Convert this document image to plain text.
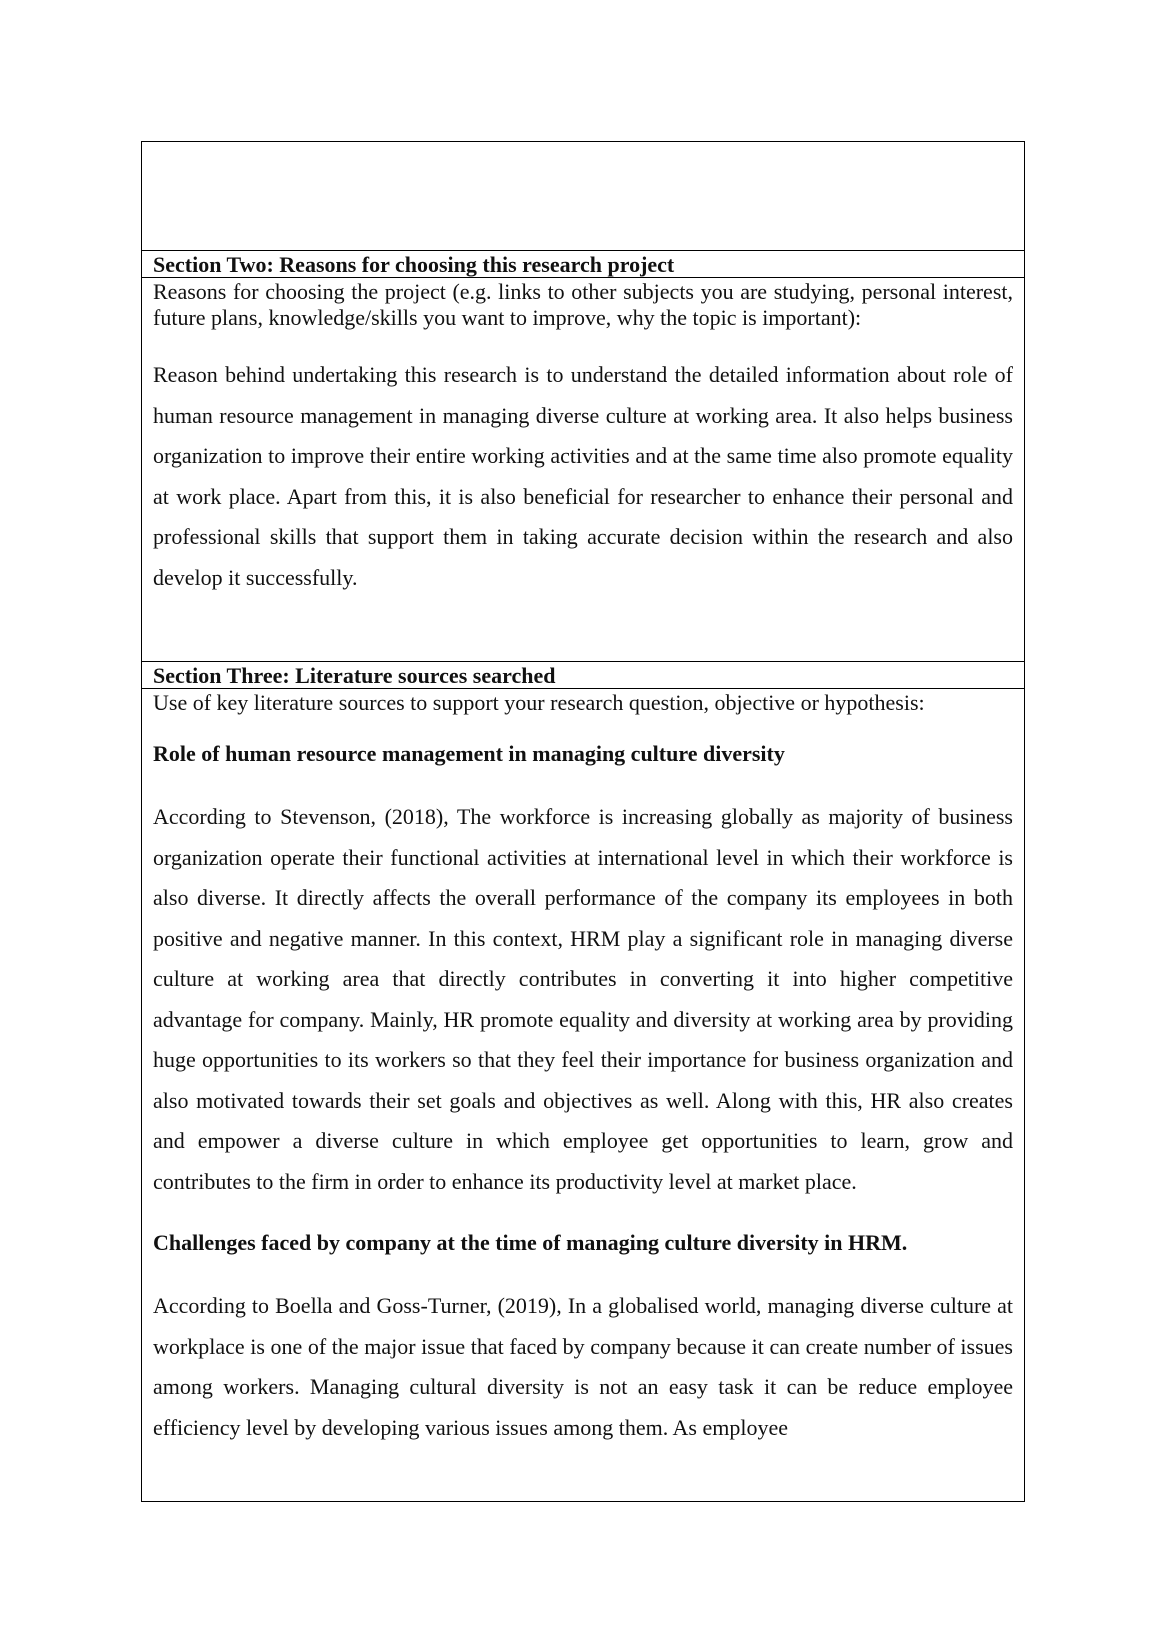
Section Two: Reasons for choosing this research project

Reasons for choosing the project (e.g. links to other subjects you are studying, personal interest, future plans, knowledge/skills you want to improve, why the topic is important):

Reason behind undertaking this research is to understand the detailed information about role of human resource management in managing diverse culture at working area. It also helps business organization to improve their entire working activities and at the same time also promote equality at work place. Apart from this, it is also beneficial for researcher to enhance their personal and professional skills that support them in taking accurate decision within the research and also develop it successfully.

Section Three: Literature sources searched

Use of key literature sources to support your research question, objective or hypothesis:

Role of human resource management in managing culture diversity

According to Stevenson, (2018), The workforce is increasing globally as majority of business organization operate their functional activities at international level in which their workforce is also diverse. It directly affects the overall performance of the company its employees in both positive and negative manner. In this context, HRM play a significant role in managing diverse culture at working area that directly contributes in converting it into higher competitive advantage for company. Mainly, HR promote equality and diversity at working area by providing huge opportunities to its workers so that they feel their importance for business organization and also motivated towards their set goals and objectives as well. Along with this, HR also creates and empower a diverse culture in which employee get opportunities to learn, grow and contributes to the firm in order to enhance its productivity level at market place.

Challenges faced by company at the time of managing culture diversity in HRM.

According to Boella and Goss-Turner, (2019), In a globalised world, managing diverse culture at workplace is one of the major issue that faced by company because it can create number of issues among workers. Managing cultural diversity is not an easy task it can be reduce employee efficiency level by developing various issues among them. As employee
